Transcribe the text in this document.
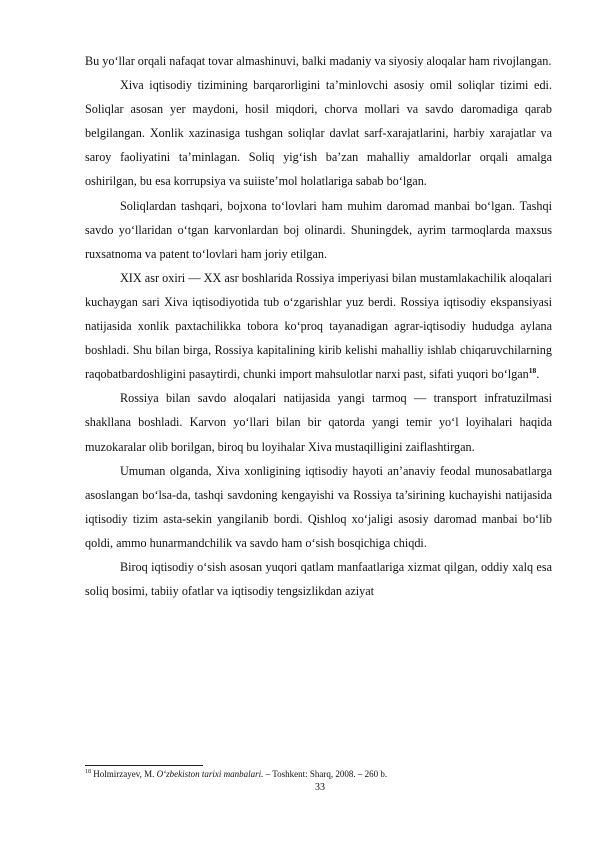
Bu yo‘llar orqali nafaqat tovar almashinuvi, balki madaniy va siyosiy aloqalar ham rivojlangan.

Xiva iqtisodiy tizimining barqarorligini ta’minlovchi asosiy omil soliqlar tizimi edi. Soliqlar asosan yer maydoni, hosil miqdori, chorva mollari va savdo daromadiga qarab belgilangan. Xonlik xazinasiga tushgan soliqlar davlat sarf-xarajatlarini, harbiy xarajatlar va saroy faoliyatini ta’minlagan. Soliq yig‘ish ba’zan mahalliy amaldorlar orqali amalga oshirilgan, bu esa korrupsiya va suiiste’mol holatlariga sabab bo‘lgan.

Soliqlardan tashqari, bojxona to‘lovlari ham muhim daromad manbai bo‘lgan. Tashqi savdo yo‘llaridan o‘tgan karvonlardan boj olinardi. Shuningdek, ayrim tarmoqlarda maxsus ruxsatnoma va patent to‘lovlari ham joriy etilgan.

XIX asr oxiri — XX asr boshlarida Rossiya imperiyasi bilan mustamlakachilik aloqalari kuchaygan sari Xiva iqtisodiyotida tub o‘zgarishlar yuz berdi. Rossiya iqtisodiy ekspansiyasi natijasida xonlik paxtachilikka tobora ko‘proq tayanadigan agrar-iqtisodiy hududga aylana boshladi. Shu bilan birga, Rossiya kapitalining kirib kelishi mahalliy ishlab chiqaruvchilarning raqobatbardoshligini pasaytirdi, chunki import mahsulotlar narxi past, sifati yuqori bo‘lgan$^{18}$.

Rossiya bilan savdo aloqalari natijasida yangi tarmoq — transport infratuzilmasi shakllana boshladi. Karvon yo‘llari bilan bir qatorda yangi temir yo‘l loyihalari haqida muzokaralar olib borilgan, biroq bu loyihalar Xiva mustaqilligini zaiflashtirgan.

Umuman olganda, Xiva xonligining iqtisodiy hayoti an’anaviy feodal munosabatlarga asoslangan bo‘lsa-da, tashqi savdoning kengayishi va Rossiya ta’sirining kuchayishi natijasida iqtisodiy tizim asta-sekin yangilanib bordi. Qishloq xo‘jaligi asosiy daromad manbai bo‘lib qoldi, ammo hunarmandchilik va savdo ham o‘sish bosqichiga chiqdi.

Biroq iqtisodiy o‘sish asosan yuqori qatlam manfaatlariga xizmat qilgan, oddiy xalq esa soliq bosimi, tabiiy ofatlar va iqtisodiy tengsizlikdan aziyat

$^{18}$ Holmirzayev, M. O‘zbekiston tarixi manbalari. – Toshkent: Sharq, 2008. – 260 b.

33
